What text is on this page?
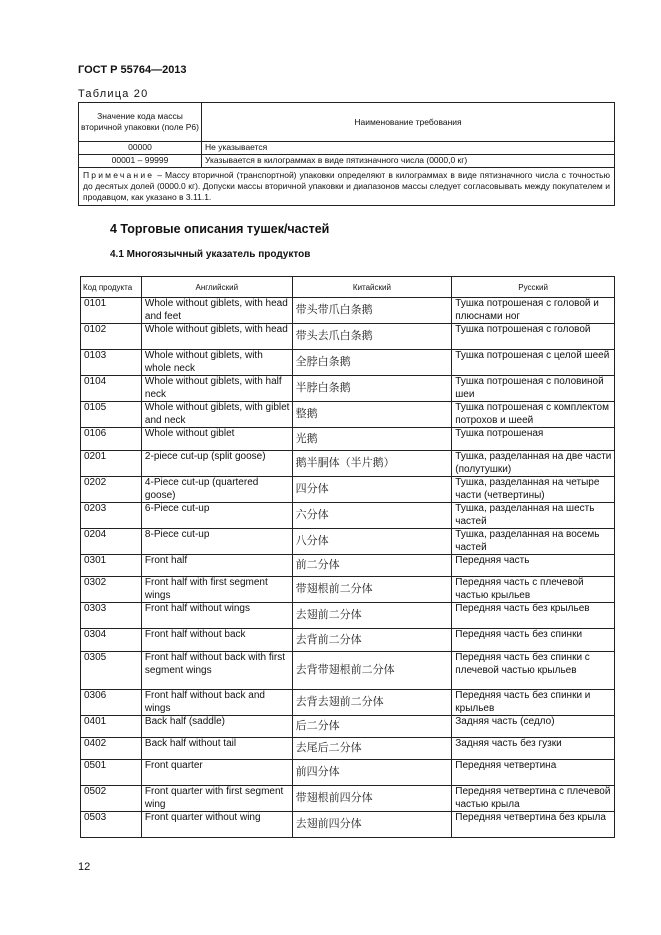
ГОСТ Р 55764—2013
Таблица 20
Значение кода массы вторичной упаковки (поле Р6)	Наименование требования
00000	Не указывается
00001 – 99999	Указывается в килограммах в виде пятизначного числа (0000,0 кг)
Примечание – Массу вторичной (транспортной) упаковки определяют в килограммах в виде пятизначного числа с точностью до десятых долей (0000.0 кг). Допуски массы вторичной упаковки и диапазонов массы следует согласовывать между покупателем и продавцом, как указано в 3.11.1.	
4 Торговые описания тушек/частей
4.1 Многоязычный указатель продуктов
Код продукта	Английский	Китайский	Русский
0101	Whole without giblets, with head and feet	带头带爪白条鹅	Тушка потрошеная с головой и плюснами ног
0102	Whole without giblets, with head	带头去爪白条鹅	Тушка потрошеная с головой
0103	Whole without giblets, with whole neck	全脖白条鹅	Тушка потрошеная с целой шеей
0104	Whole without giblets, with half neck	半脖白条鹅	Тушка потрошеная с половиной шеи
0105	Whole without giblets, with giblet and neck	整鹅	Тушка потрошеная с комплектом потрохов и шеей
0106	Whole without giblet	光鹅	Тушка потрошеная
0201	2-piece cut-up (split goose)	鹅半胴体（半片鹅）	Тушка, разделанная на две части (полутушки)
0202	4-Piece cut-up (quartered goose)	四分体	Тушка, разделанная на четыре части (четвертины)
0203	6-Piece cut-up	六分体	Тушка, разделанная на шесть частей
0204	8-Piece cut-up	八分体	Тушка, разделанная на восемь частей
0301	Front half	前二分体	Передняя часть
0302	Front half with first segment wings	带翅根前二分体	Передняя часть с плечевой частью крыльев
0303	Front half without wings	去翅前二分体	Передняя часть без крыльев
0304	Front half without back	去背前二分体	Передняя часть без спинки
0305	Front half without back with first segment wings	去背带翅根前二分体	Передняя часть без спинки с плечевой частью крыльев
0306	Front half without back and wings	去背去翅前二分体	Передняя часть без спинки и крыльев
0401	Back half (saddle)	后二分体	Задняя часть (седло)
0402	Back half without tail	去尾后二分体	Задняя часть без гузки
0501	Front quarter	前四分体	Передняя четвертина
0502	Front quarter with first segment wing	带翅根前四分体	Передняя четвертина с плечевой частью крыла
0503	Front quarter without wing	去翅前四分体	Передняя четвертина без крыла
12
